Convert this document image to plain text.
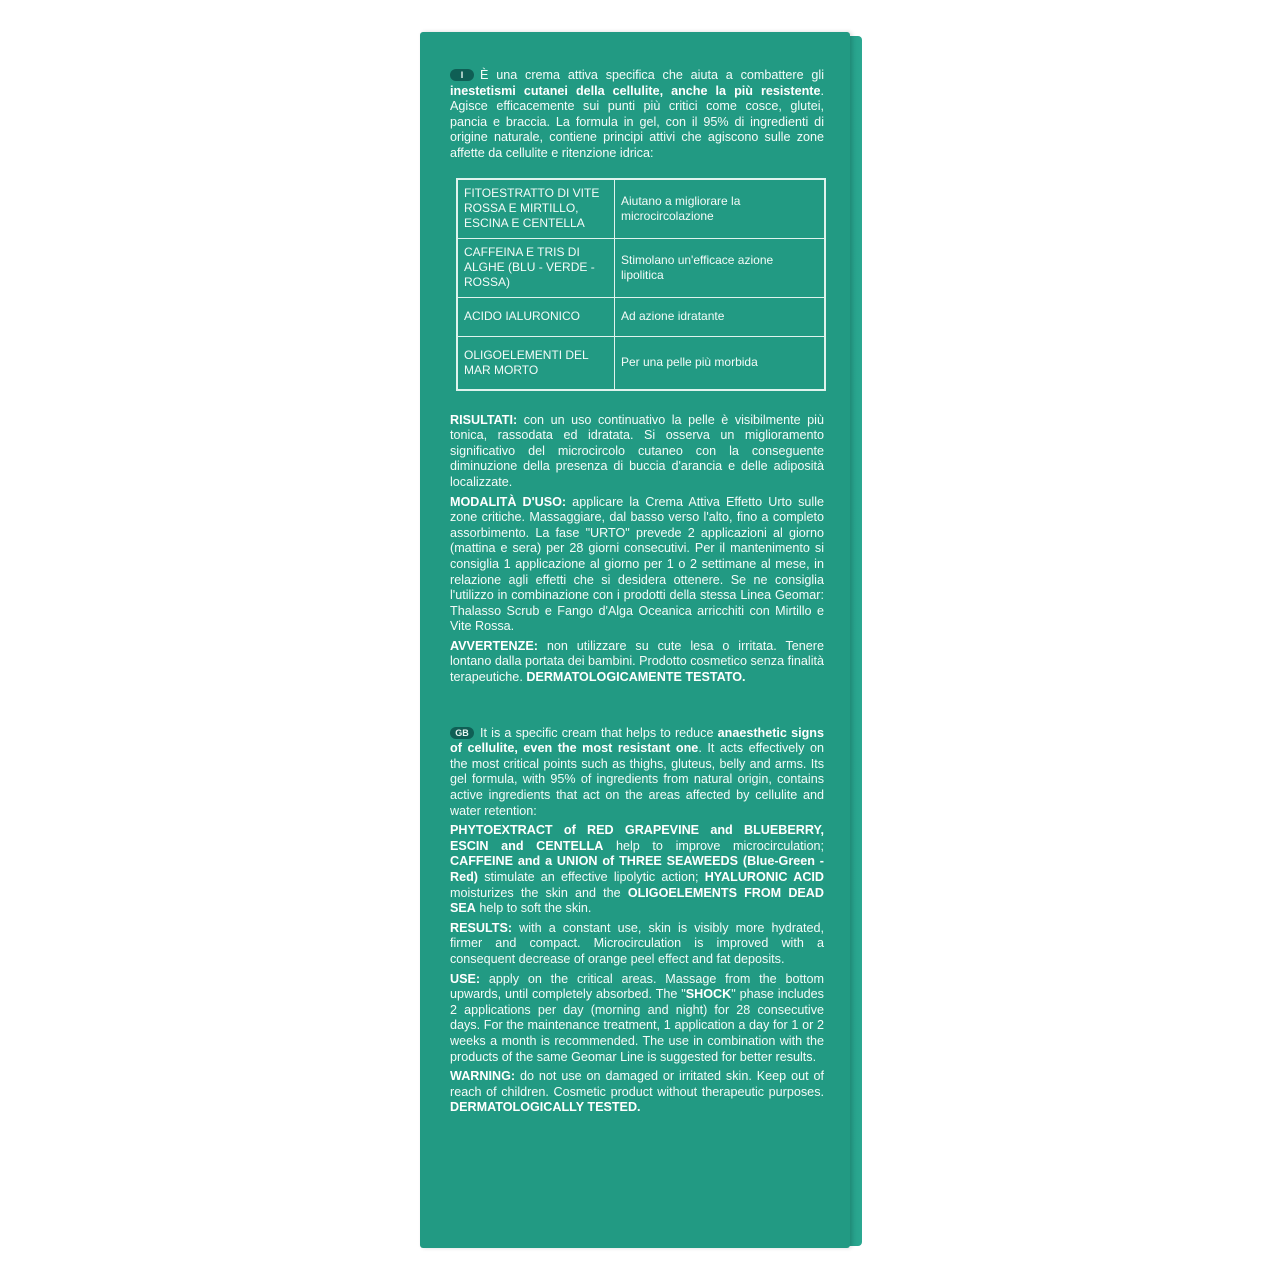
I È una crema attiva specifica che aiuta a combattere gli inestetismi cutanei della cellulite, anche la più resistente. Agisce efficacemente sui punti più critici come cosce, glutei, pancia e braccia. La formula in gel, con il 95% di ingredienti di origine naturale, contiene principi attivi che agiscono sulle zone affette da cellulite e ritenzione idrica:

FITOESTRATTO DI VITE ROSSA E MIRTILLO, ESCINA E CENTELLA	Aiutano a migliorare la microcircolazione
CAFFEINA E TRIS DI ALGHE (BLU - VERDE - ROSSA)	Stimolano un'efficace azione lipolitica
ACIDO IALURONICO	Ad azione idratante
OLIGOELEMENTI DEL MAR MORTO	Per una pelle più morbida

RISULTATI: con un uso continuativo la pelle è visibilmente più tonica, rassodata ed idratata. Si osserva un miglioramento significativo del microcircolo cutaneo con la conseguente diminuzione della presenza di buccia d'arancia e delle adiposità localizzate.

MODALITÀ D'USO: applicare la Crema Attiva Effetto Urto sulle zone critiche. Massaggiare, dal basso verso l'alto, fino a completo assorbimento. La fase "URTO" prevede 2 applicazioni al giorno (mattina e sera) per 28 giorni consecutivi. Per il mantenimento si consiglia 1 applicazione al giorno per 1 o 2 settimane al mese, in relazione agli effetti che si desidera ottenere. Se ne consiglia l'utilizzo in combinazione con i prodotti della stessa Linea Geomar: Thalasso Scrub e Fango d'Alga Oceanica arricchiti con Mirtillo e Vite Rossa.

AVVERTENZE: non utilizzare su cute lesa o irritata. Tenere lontano dalla portata dei bambini. Prodotto cosmetico senza finalità terapeutiche. DERMATOLOGICAMENTE TESTATO.

GB It is a specific cream that helps to reduce anaesthetic signs of cellulite, even the most resistant one. It acts effectively on the most critical points such as thighs, gluteus, belly and arms. Its gel formula, with 95% of ingredients from natural origin, contains active ingredients that act on the areas affected by cellulite and water retention:

PHYTOEXTRACT of RED GRAPEVINE and BLUEBERRY, ESCIN and CENTELLA help to improve microcirculation; CAFFEINE and a UNION of THREE SEAWEEDS (Blue-Green - Red) stimulate an effective lipolytic action; HYALURONIC ACID moisturizes the skin and the OLIGOELEMENTS FROM DEAD SEA help to soft the skin.

RESULTS: with a constant use, skin is visibly more hydrated, firmer and compact. Microcirculation is improved with a consequent decrease of orange peel effect and fat deposits.

USE: apply on the critical areas. Massage from the bottom upwards, until completely absorbed. The "SHOCK" phase includes 2 applications per day (morning and night) for 28 consecutive days. For the maintenance treatment, 1 application a day for 1 or 2 weeks a month is recommended. The use in combination with the products of the same Geomar Line is suggested for better results.

WARNING: do not use on damaged or irritated skin. Keep out of reach of children. Cosmetic product without therapeutic purposes. DERMATOLOGICALLY TESTED.
